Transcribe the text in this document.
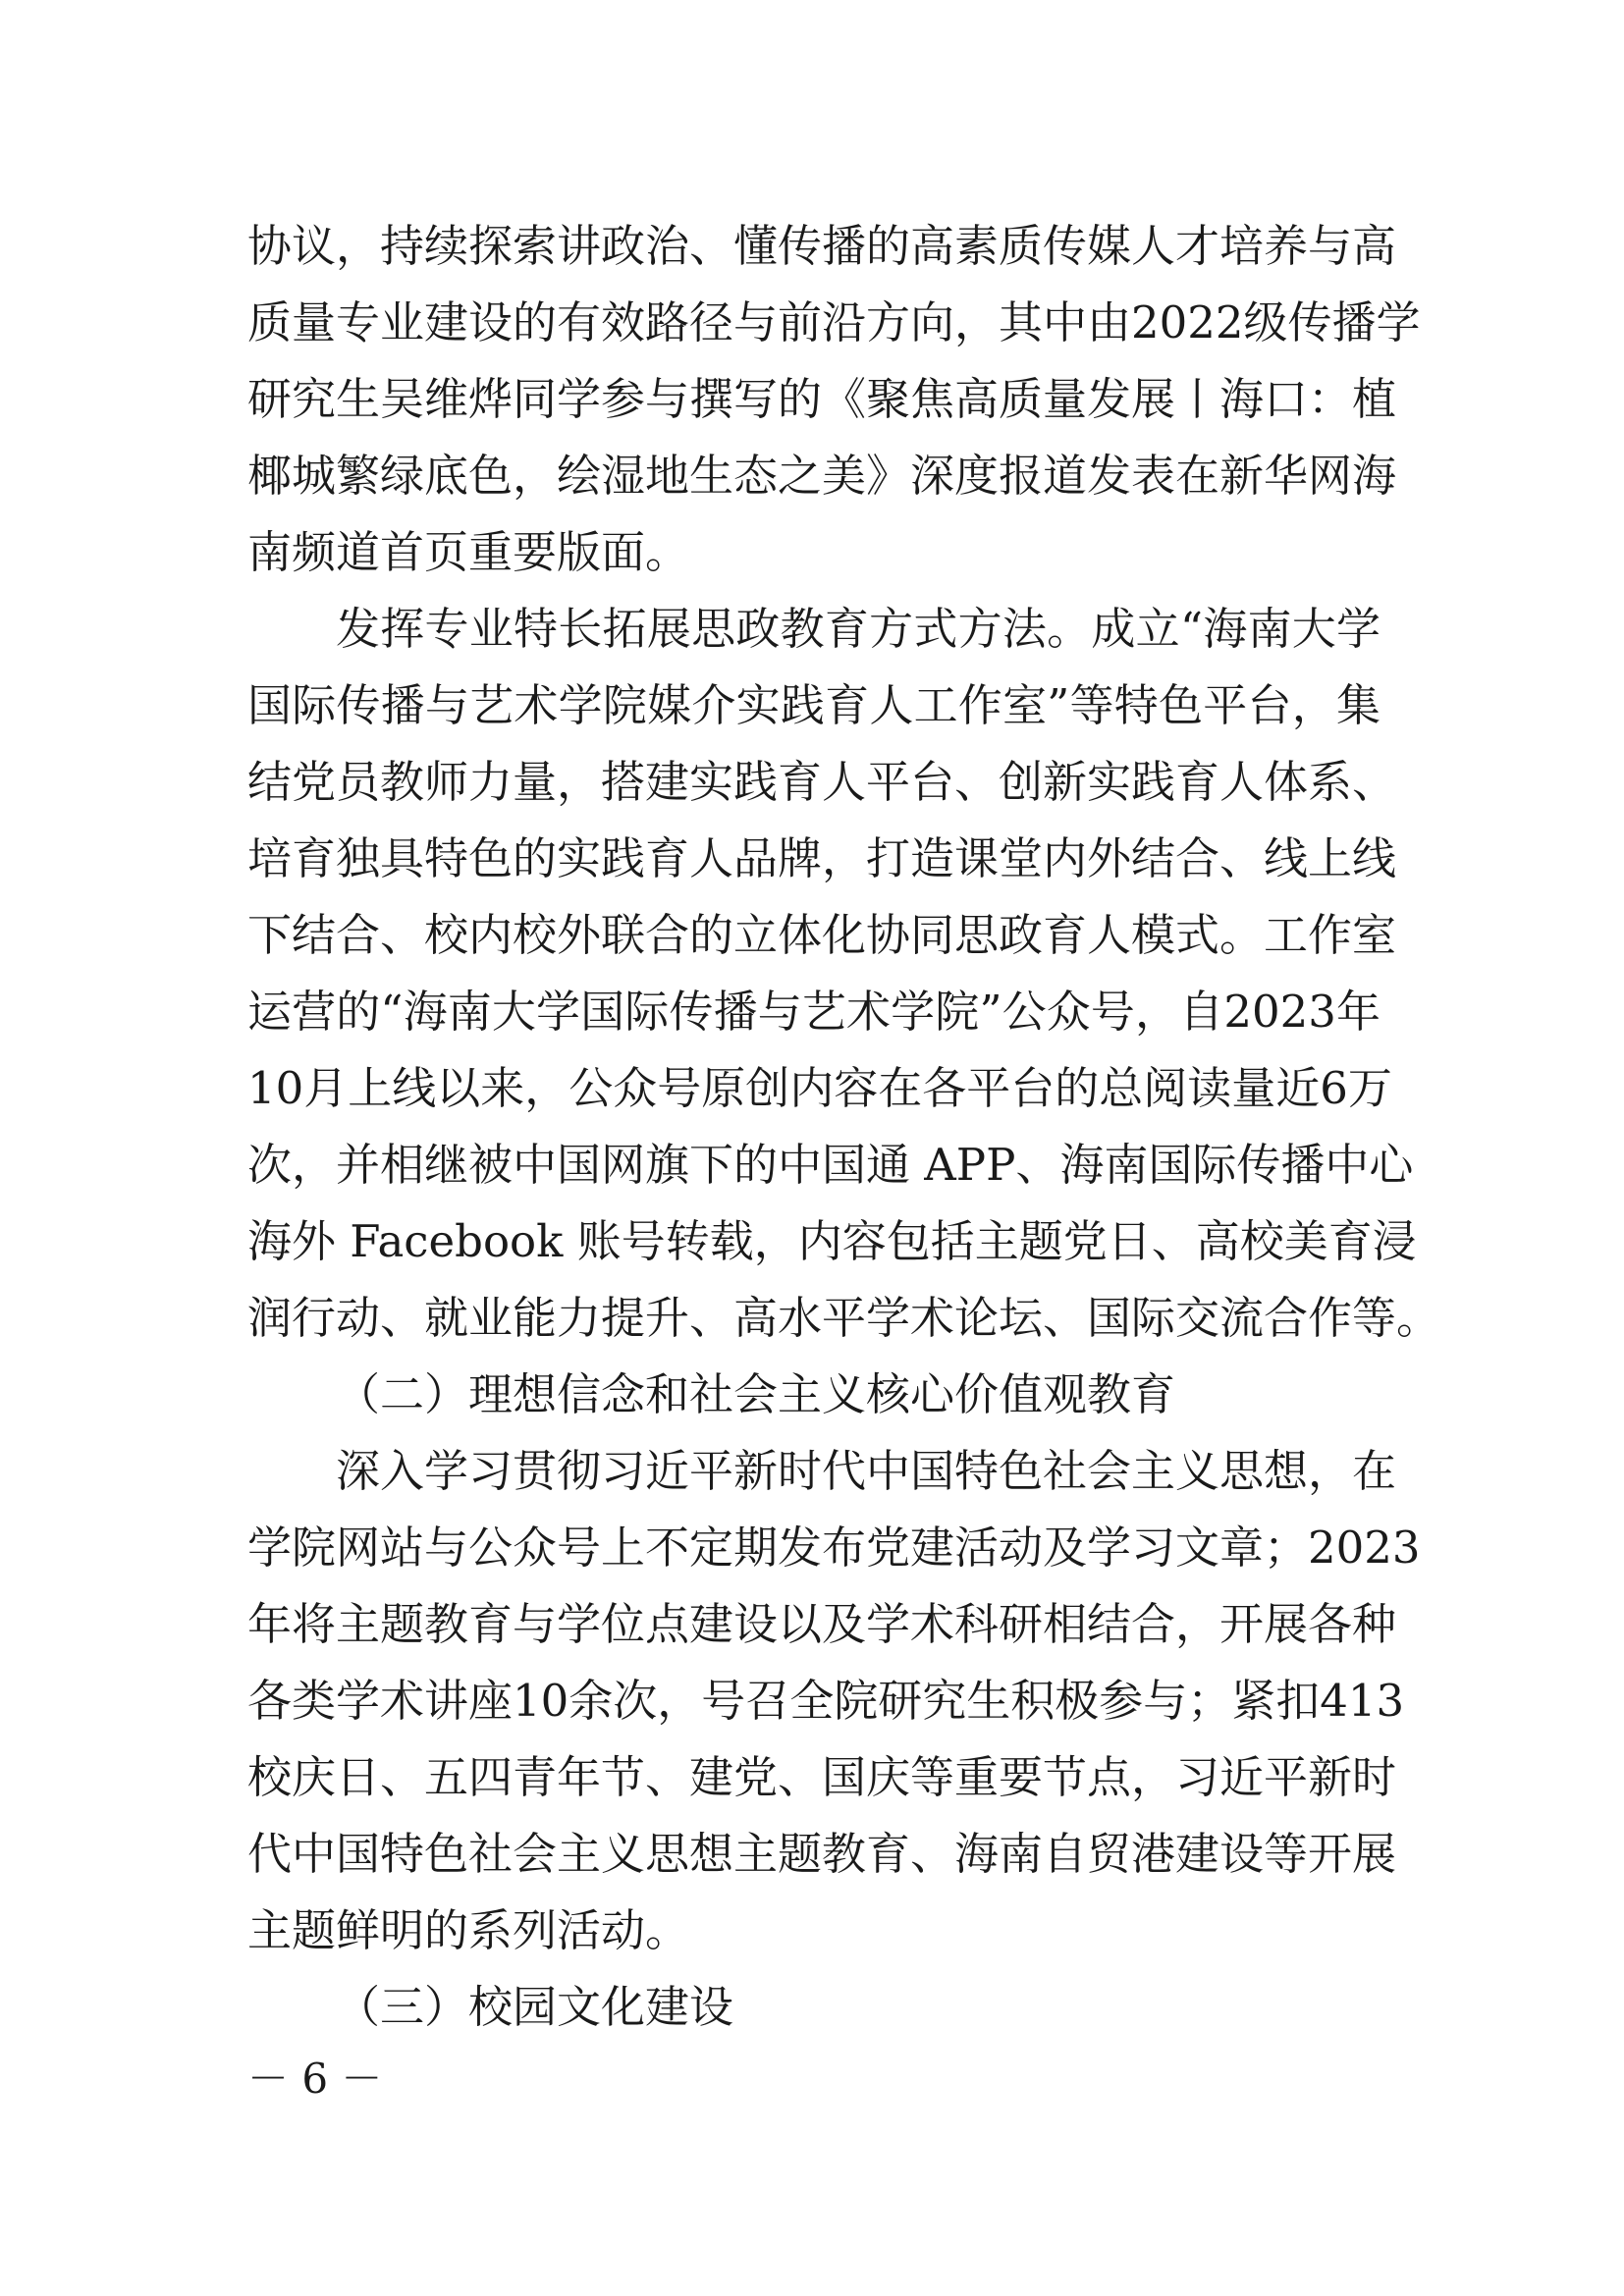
协议，持续探索讲政治、懂传播的高素质传媒人才培养与高
质量专业建设的有效路径与前沿方向，其中由2022级传播学
研究生吴维烨同学参与撰写的《聚焦高质量发展丨海口：植
椰城繁绿底色，绘湿地生态之美》深度报道发表在新华网海
南频道首页重要版面。
发挥专业特长拓展思政教育方式方法。成立“海南大学
国际传播与艺术学院媒介实践育人工作室”等特色平台，集
结党员教师力量，搭建实践育人平台、创新实践育人体系、
培育独具特色的实践育人品牌，打造课堂内外结合、线上线
下结合、校内校外联合的立体化协同思政育人模式。工作室
运营的“海南大学国际传播与艺术学院”公众号，自2023年
10月上线以来，公众号原创内容在各平台的总阅读量近6万
次，并相继被中国网旗下的中国通 APP、海南国际传播中心
海外 Facebook 账号转载，内容包括主题党日、高校美育浸
润行动、就业能力提升、高水平学术论坛、国际交流合作等。
（二）理想信念和社会主义核心价值观教育
深入学习贯彻习近平新时代中国特色社会主义思想，在
学院网站与公众号上不定期发布党建活动及学习文章；2023
年将主题教育与学位点建设以及学术科研相结合，开展各种
各类学术讲座10余次，号召全院研究生积极参与；紧扣413
校庆日、五四青年节、建党、国庆等重要节点，习近平新时
代中国特色社会主义思想主题教育、海南自贸港建设等开展
主题鲜明的系列活动。
（三）校园文化建设
－ 6 －
